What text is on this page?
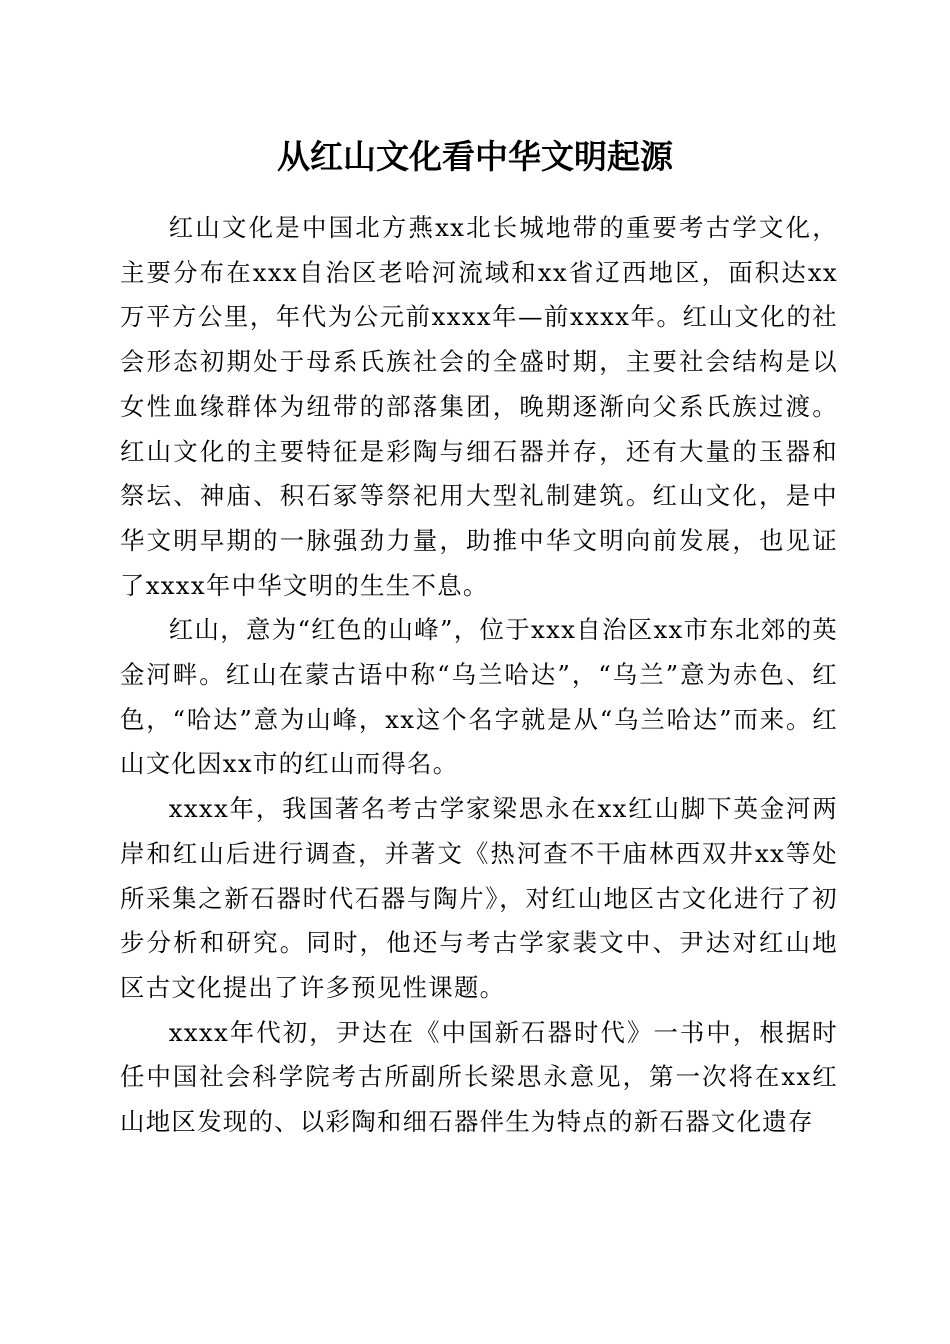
从红山文化看中华文明起源

红山文化是中国北方燕xx北长城地带的重要考古学文化，主要分布在xxx自治区老哈河流域和xx省辽西地区，面积达xx万平方公里，年代为公元前xxxx年—前xxxx年。红山文化的社会形态初期处于母系氏族社会的全盛时期，主要社会结构是以女性血缘群体为纽带的部落集团，晚期逐渐向父系氏族过渡。红山文化的主要特征是彩陶与细石器并存，还有大量的玉器和祭坛、神庙、积石冢等祭祀用大型礼制建筑。红山文化，是中华文明早期的一脉强劲力量，助推中华文明向前发展，也见证了xxxx年中华文明的生生不息。

红山，意为“红色的山峰”，位于xxx自治区xx市东北郊的英金河畔。红山在蒙古语中称“乌兰哈达”，“乌兰”意为赤色、红色，“哈达”意为山峰，xx这个名字就是从“乌兰哈达”而来。红山文化因xx市的红山而得名。

xxxx年，我国著名考古学家梁思永在xx红山脚下英金河两岸和红山后进行调查，并著文《热河查不干庙林西双井xx等处所采集之新石器时代石器与陶片》，对红山地区古文化进行了初步分析和研究。同时，他还与考古学家裴文中、尹达对红山地区古文化提出了许多预见性课题。

xxxx年代初，尹达在《中国新石器时代》一书中，根据时任中国社会科学院考古所副所长梁思永意见，第一次将在xx红山地区发现的、以彩陶和细石器伴生为特点的新石器文化遗存
